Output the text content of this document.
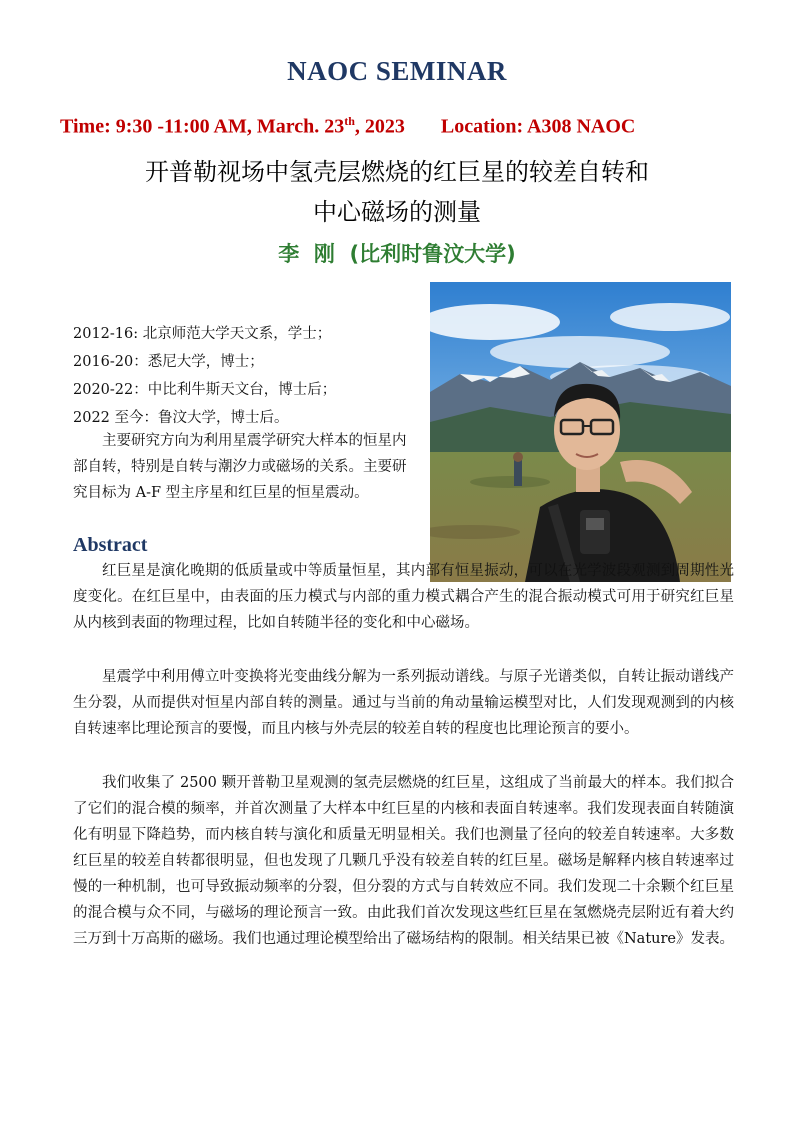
NAOC SEMINAR
Time: 9:30 -11:00 AM, March. 23th, 2023 Location: A308 NAOC
开普勒视场中氢壳层燃烧的红巨星的较差自转和
中心磁场的测量
李  刚  (比利时鲁汶大学)
2012-16: 北京师范大学天文系，学士；
2016-20：悉尼大学，博士；
2020-22：中比利牛斯天文台，博士后；
2022 至今：鲁汶大学，博士后。
主要研究方向为利用星震学研究大样本的恒星内部自转，特别是自转与潮汐力或磁场的关系。主要研究目标为 A-F 型主序星和红巨星的恒星震动。
Abstract
红巨星是演化晚期的低质量或中等质量恒星，其内部有恒星振动，可以在光学波段观测到周期性光度变化。在红巨星中，由表面的压力模式与内部的重力模式耦合产生的混合振动模式可用于研究红巨星从内核到表面的物理过程，比如自转随半径的变化和中心磁场。
星震学中利用傅立叶变换将光变曲线分解为一系列振动谱线。与原子光谱类似，自转让振动谱线产生分裂，从而提供对恒星内部自转的测量。通过与当前的角动量输运模型对比，人们发现观测到的内核自转速率比理论预言的要慢，而且内核与外壳层的较差自转的程度也比理论预言的要小。
我们收集了 2500 颗开普勒卫星观测的氢壳层燃烧的红巨星，这组成了当前最大的样本。我们拟合了它们的混合模的频率，并首次测量了大样本中红巨星的内核和表面自转速率。我们发现表面自转随演化有明显下降趋势，而内核自转与演化和质量无明显相关。我们也测量了径向的较差自转速率。大多数红巨星的较差自转都很明显，但也发现了几颗几乎没有较差自转的红巨星。磁场是解释内核自转速率过慢的一种机制，也可导致振动频率的分裂，但分裂的方式与自转效应不同。我们发现二十余颗个红巨星的混合模与众不同，与磁场的理论预言一致。由此我们首次发现这些红巨星在氢燃烧壳层附近有着大约三万到十万高斯的磁场。我们也通过理论模型给出了磁场结构的限制。相关结果已被《Nature》发表。
